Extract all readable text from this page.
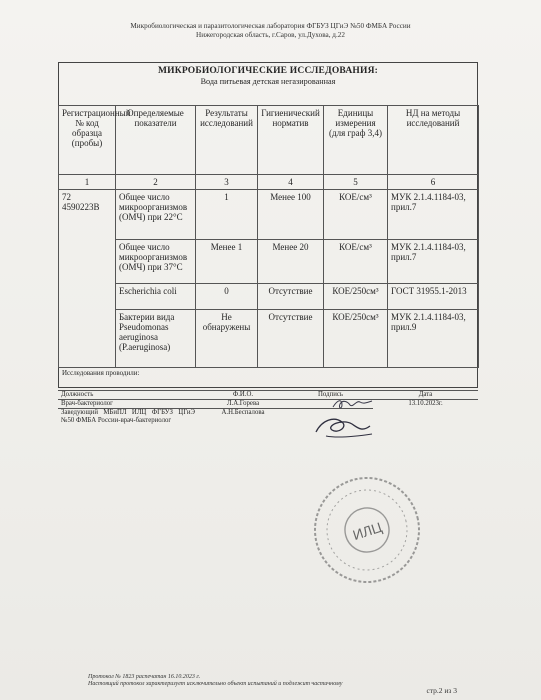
Микробиологическая и паразитологическая лаборатория ФГБУЗ ЦГиЭ №50 ФМБА России
Нижегородская область, г.Саров, ул.Духова, д.22
МИКРОБИОЛОГИЧЕСКИЕ ИССЛЕДОВАНИЯ:
Вода питьевая детская негазированная
Регистрационный № код образца (пробы)	Определяемые показатели	Результаты исследований	Гигиенический норматив	Единицы измерения (для граф 3,4)	НД на методы исследований
1	2	3	4	5	6
72
4590223В	Общее число микроорганизмов (ОМЧ) при 22°С	1	Менее 100	КОЕ/см³	МУК 2.1.4.1184-03, прил.7
	Общее число микроорганизмов (ОМЧ) при 37°С	Менее 1	Менее 20	КОЕ/см³	МУК 2.1.4.1184-03, прил.7
	Escherichia coli	0	Отсутствие	КОЕ/250см³	ГОСТ 31955.1-2013
	Бактерии вида Pseudomonas aeruginosa (P.aeruginosa)	Не обнаружены	Отсутствие	КОЕ/250см³	МУК 2.1.4.1184-03, прил.9
Исследования проводили:
Должность	Ф.И.О.	Подпись	Дата
Врач-бактериолог	Л.А.Горева		13.10.2023г.
Заведующий МБиПЛ ИЛЦ ФГБУЗ ЦГиЭ №50 ФМБА России-врач-бактериолог	А.Н.Беспалова		
ИЛЦ
Протокол № 1823 распечатан 16.10.2023 г.
Настоящий протокол характеризует исключительно объект испытаний и подлежит частичному
стр.2 из 3
